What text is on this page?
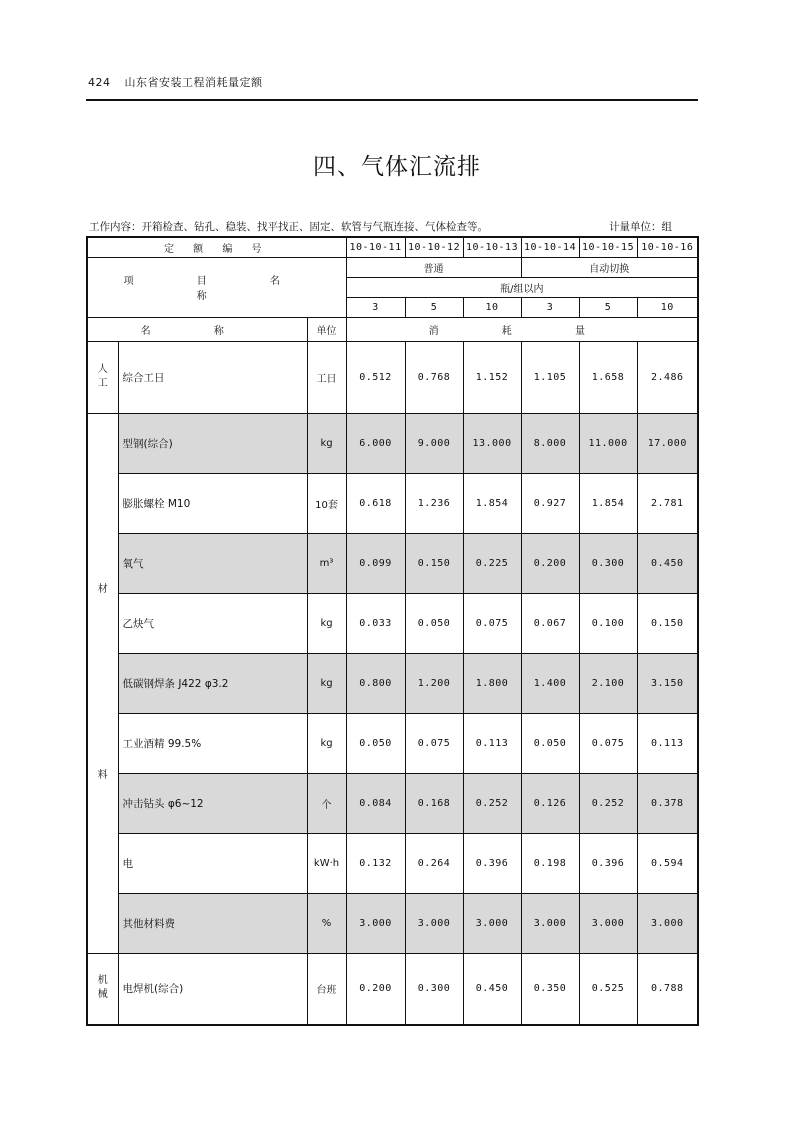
424 山东省安装工程消耗量定额
四、气体汇流排
工作内容：开箱检查、钻孔、稳装、找平找正、固定、软管与气瓶连接、气体检查等。	计量单位：组
定 额 编 号			10-10-11	10-10-12	10-10-13	10-10-14	10-10-15	10-10-16
项 目 名 称			普通			自动切换		
			瓶/组以内					
			3	5	10	3	5	10
名 称		单位	消 耗 量					
人工	综合工日	工日	0.512	0.768	1.152	1.105	1.658	2.486

材
料	型钢(综合)	kg	6.000	9.000	13.000	8.000	11.000	17.000
	膨胀螺栓 M10	10套	0.618	1.236	1.854	0.927	1.854	2.781
	氧气	m³	0.099	0.150	0.225	0.200	0.300	0.450
	乙炔气	kg	0.033	0.050	0.075	0.067	0.100	0.150
	低碳钢焊条 J422 φ3.2	kg	0.800	1.200	1.800	1.400	2.100	3.150
	工业酒精 99.5%	kg	0.050	0.075	0.113	0.050	0.075	0.113
	冲击钻头 φ6~12	个	0.084	0.168	0.252	0.126	0.252	0.378
	电	kW·h	0.132	0.264	0.396	0.198	0.396	0.594
	其他材料费	%	3.000	3.000	3.000	3.000	3.000	3.000
机械	电焊机(综合)	台班	0.200	0.300	0.450	0.350	0.525	0.788
